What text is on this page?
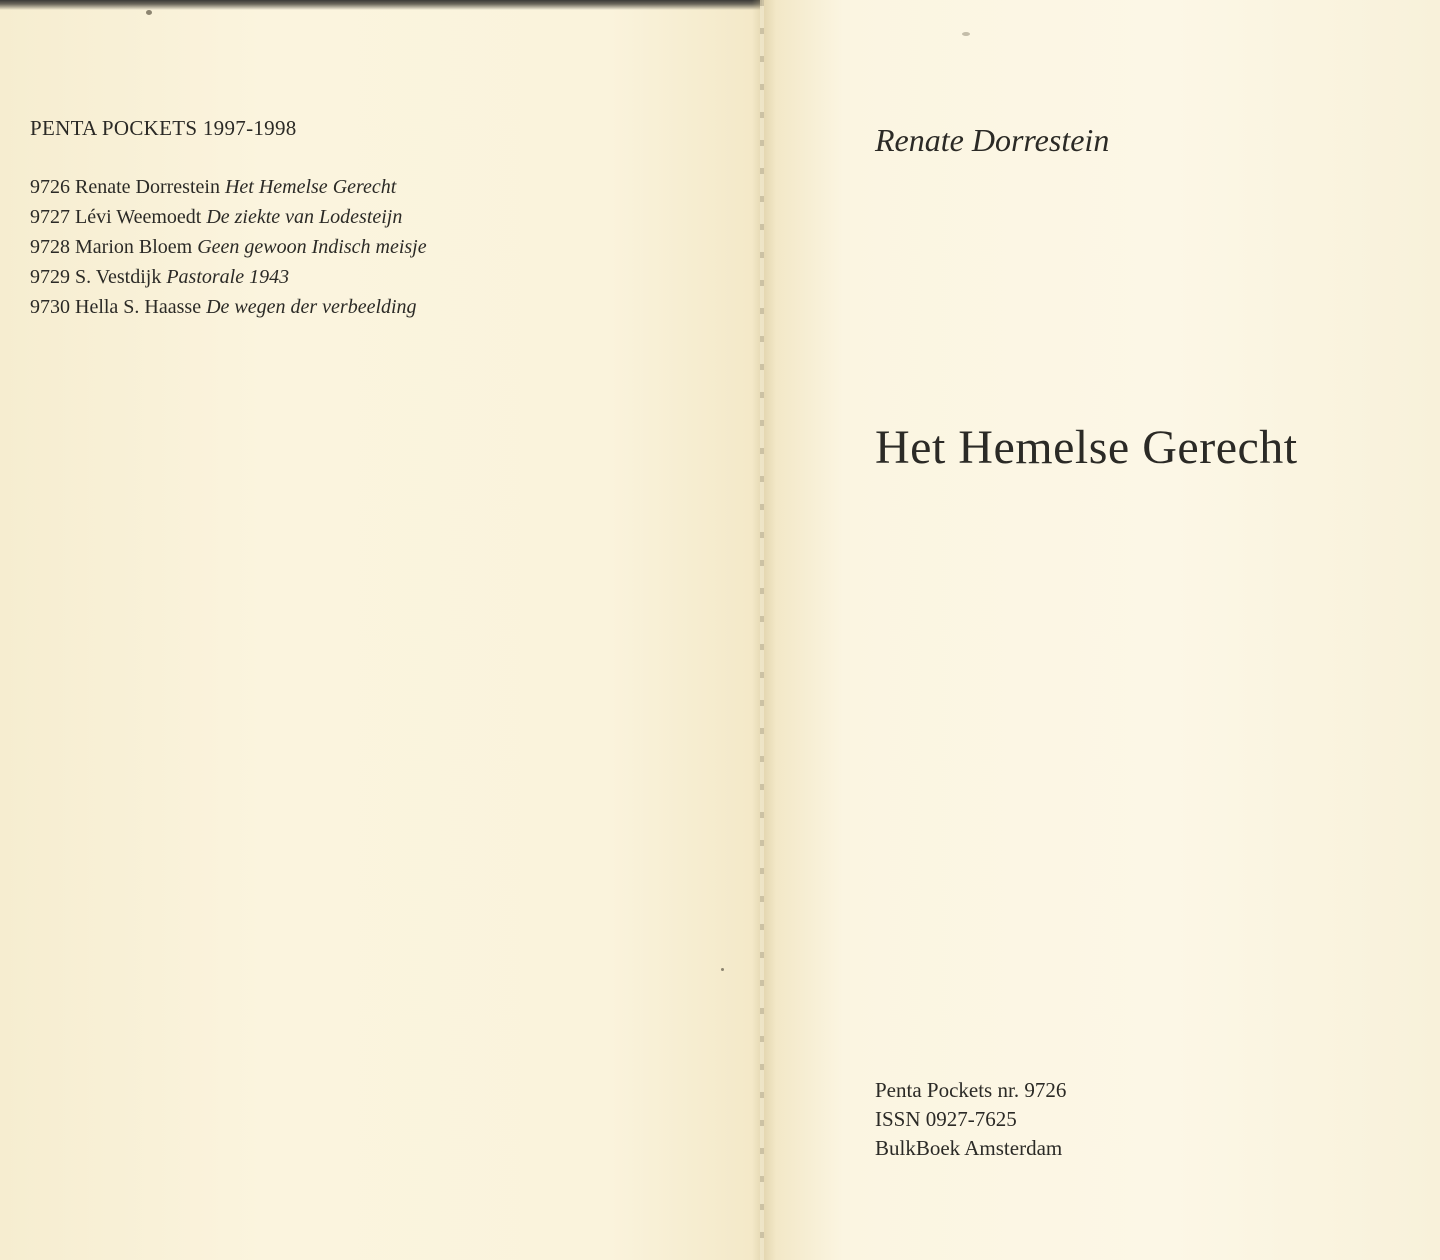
PENTA POCKETS 1997-1998
9726 Renate Dorrestein Het Hemelse Gerecht
9727 Lévi Weemoedt De ziekte van Lodesteijn
9728 Marion Bloem Geen gewoon Indisch meisje
9729 S. Vestdijk Pastorale 1943
9730 Hella S. Haasse De wegen der verbeelding
Renate Dorrestein
Het Hemelse Gerecht
Penta Pockets nr. 9726
ISSN 0927-7625
BulkBoek Amsterdam
